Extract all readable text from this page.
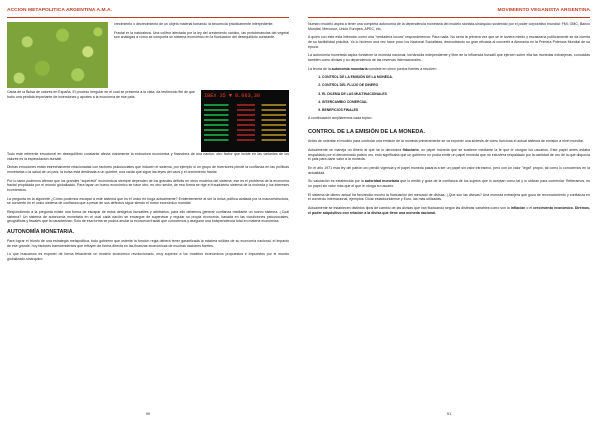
ACCIÓN METAPOLÍTICA ARGENTINA A.M.A.

crecimiento o decrecimiento de un objeto material tomando la secuencia prácticamente interpediente.

Fractal er la naturaleza. Una colifror afectada por la ley del crecimiento caótico, las protuberancias del vegetal son análogas a cómo se comporta un sistema económico en la fluctuación del desequilibrio constante.

Caida de la Bolsa de valores en España. El proceso irregular en el cual se presenta a la vista, da testimonio fiel de que hubo una pérdida importante de inversiones y aportes a la economía de ese país.	IBEX 35 ▼ 8.063,30

Todo este referente emocional en desequilibrio constante afecta claramente la estructura económica y financiera de una nación, otro factor que incide en las variantes de los valores es la especulación bursátil.

Dichas emociones están estrechamente relacionadas con factores psicosociales que inducen el sistema, por ejemplo si un grupo de inversores pierde la confianza en las políticas monetarias o la salud de un país, la bolsa está destinada a un quiebre, una caída que sigue las leyes del caos y el crecimiento fractal.

Por lo tanto podemos afirmar que los grandes "superávit" económicos siempre dependen de los grandes déficits en otros modelos del sistema, ese es el problema de la economía fractal propiciada por el mundo globalizado. Para tapar un hueco económico se hace otro, en otro sector, de esa forma se rige el fraudulento sistema de la moneda y los intereses económicos.

La pregunta es la siguiente ¿Cómo podemos escapar a este sistema que es el único en boga actualmente? Evidentemente al ser la única política avalada por la macroestructura, se convierte en el único sistema de confianza que a pesar de sus defectos sigue siendo el motor económico mundial.

Respondiendo a la pregunta existe una forma de escapar de estos designios bursátiles y arbitrarios, para ello debemos generar confianza mediante un nuevo sistema. ¿Cuál sistema? Un sistema de autonomía monetaria en el cual cada nación se encargue de supervisar y regular su propia economía, basada en las condiciones psicosociales, geográficas y fiscales que la caracterizan; Solo de esa forma se podría anular la economía fractal que conocemos y asegurar una independencia total en materia económica.

AUTONOMÍA MONETARIA.

Para lograr el triunfo de una estrategia metapolítica, todo gobierno que ostente la función regia deberá tener garantizada la máxima solidez de su economía nacional, el impacto de ese grande, hoy factores transcendentes que influyen de forma directa en las finanzas económicas de muchas naciones fuertes.

Lo que buscamos es exponer de forma fehaciente un modelo económico revolucionario, muy superior a los modelos económicos propuestos e impuestos por el mundo globalizado-sinárquico.

90
MOVIMIENTO VEGANISTA ARGENTINA

Nuestro modelo aspira a tener una completa autonomía de la dependencia monetaria del modelo sionista-sinárquico sostenido por el poder corporativo mundial: FMI, OMC, Banco Mundial, Mercosur, Unión Europea, APEC, etc.

A quién con este esta intención como una "verdadera locura" responderemos: Para nada. No sería la primera vez que se le tuviera miedo y escasearía políticamente se da cuenta de su factibilidad práctica. Ya lo hicieron una vez hace poco los Nacional Socialistas, demostrando su gran eficacia al convertir a Alemania en la Primera Potencia Mundial de su época.

La autonomía monetaria aspira fortalecer la moneda nacional, tornándola independiente y libre de la influencia bursátil que ejercen sobre ella las monedas extranjeras, conocidas también como divisas y su dependencia de las reservas internacionales.

La teoría de la autonomía monetaria consiste en cinco puntos fuertes a resolver:

1. CONTROL DE LA EMISIÓN DE LA MONEDA.
2. CONTROL DEL FLUJO DE DINERO
3. EL DILEMA DE LAS MULTINACIONALES
4. INTERCAMBIO COMERCIAL
5. BENEFICIOS FINALES

A continuación ampliaremos cada tópico.

CONTROL DE LA EMISIÓN DE LA MONEDA.

Antes de ostentar el modelo para controlar una emisión de la moneda primeramente se va exponer una síntesis de cómo funciona el actual sistema de emisión a nivel mundial.

Actualmente se maneja un dinero al que se lo denomina fiduciario, un papel moneda que se sostiene mediante la fe que le otorgan los usuarios. Este papel antes estaba respaldado por el denominado patrón oro, esto significaba que un gobierno no podía emitir un papel moneda que no estuviera respaldado por la cantidad de oro de la que disponía el país para darle valor a la moneda.

En el año 1971 esta ley del patrón oro perdió vigencia y el papel moneda pasaría a ser un papel sin valor intrínseco, pero con un valor "legal" propio, tal como lo conocemos en la actualidad.

Su valoración es establecida por la autoridad monetaria que lo emitió y goza de la confianza de los sujetos que lo aceptan como tal y lo utilizan para comerciar. Reiteramos, es un papel sin valor más que el que le otorga su usuario.

El sistema de dinero actual ha favorecido mucho la fluctuación del mercado de divisas, ¿Qué son las divisas? Una moneda extranjera que goza de reconocimiento y confianza en el comercio internacional, ejemplos: Dólar estadounidense y Euro, las más utilizadas.

Actualmente se establecen distintos tipos de cambio de las divisas que van fluctuando según las distintas variables como son la inflación o el crecimiento económico. Diremos, el poder adquisitivo con relación a la divisa que tiene una moneda nacional.

91
